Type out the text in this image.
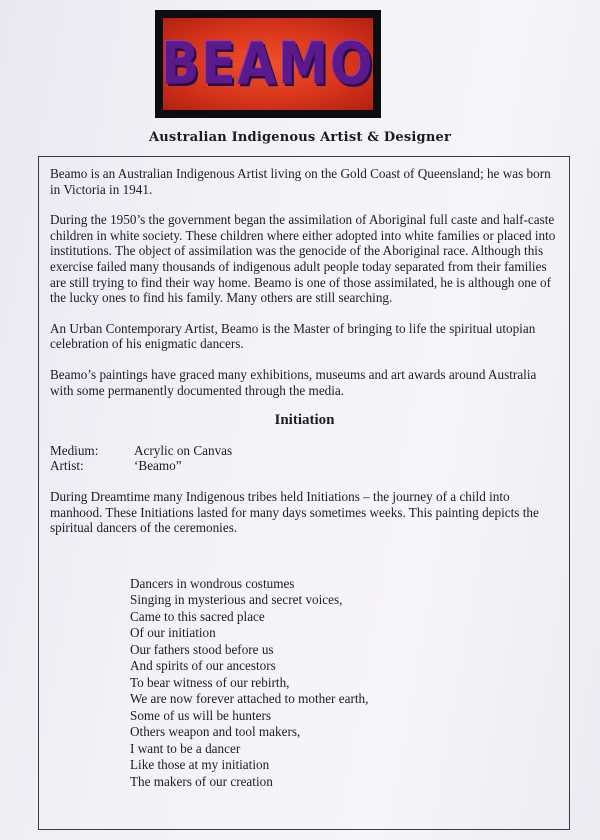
BEAMO
Australian Indigenous Artist & Designer

Beamo is an Australian Indigenous Artist living on the Gold Coast of Queensland; he was born in Victoria in 1941.

During the 1950’s the government began the assimilation of Aboriginal full caste and half-caste children in white society. These children where either adopted into white families or placed into institutions. The object of assimilation was the genocide of the Aboriginal race. Although this exercise failed many thousands of indigenous adult people today separated from their families are still trying to find their way home. Beamo is one of those assimilated, he is although one of the lucky ones to find his family. Many others are still searching.

An Urban Contemporary Artist, Beamo is the Master of bringing to life the spiritual utopian celebration of his enigmatic dancers.

Beamo’s paintings have graced many exhibitions, museums and art awards around Australia with some permanently documented through the media.

Initiation
Medium:	Acrylic on Canvas
Artist:	‘Beamo”

During Dreamtime many Indigenous tribes held Initiations – the journey of a child into manhood. These Initiations lasted for many days sometimes weeks. This painting depicts the spiritual dancers of the ceremonies.

Dancers in wondrous costumes
Singing in mysterious and secret voices,
Came to this sacred place
Of our initiation
Our fathers stood before us
And spirits of our ancestors
To bear witness of our rebirth,
We are now forever attached to mother earth,
Some of us will be hunters
Others weapon and tool makers,
I want to be a dancer
Like those at my initiation
The makers of our creation
